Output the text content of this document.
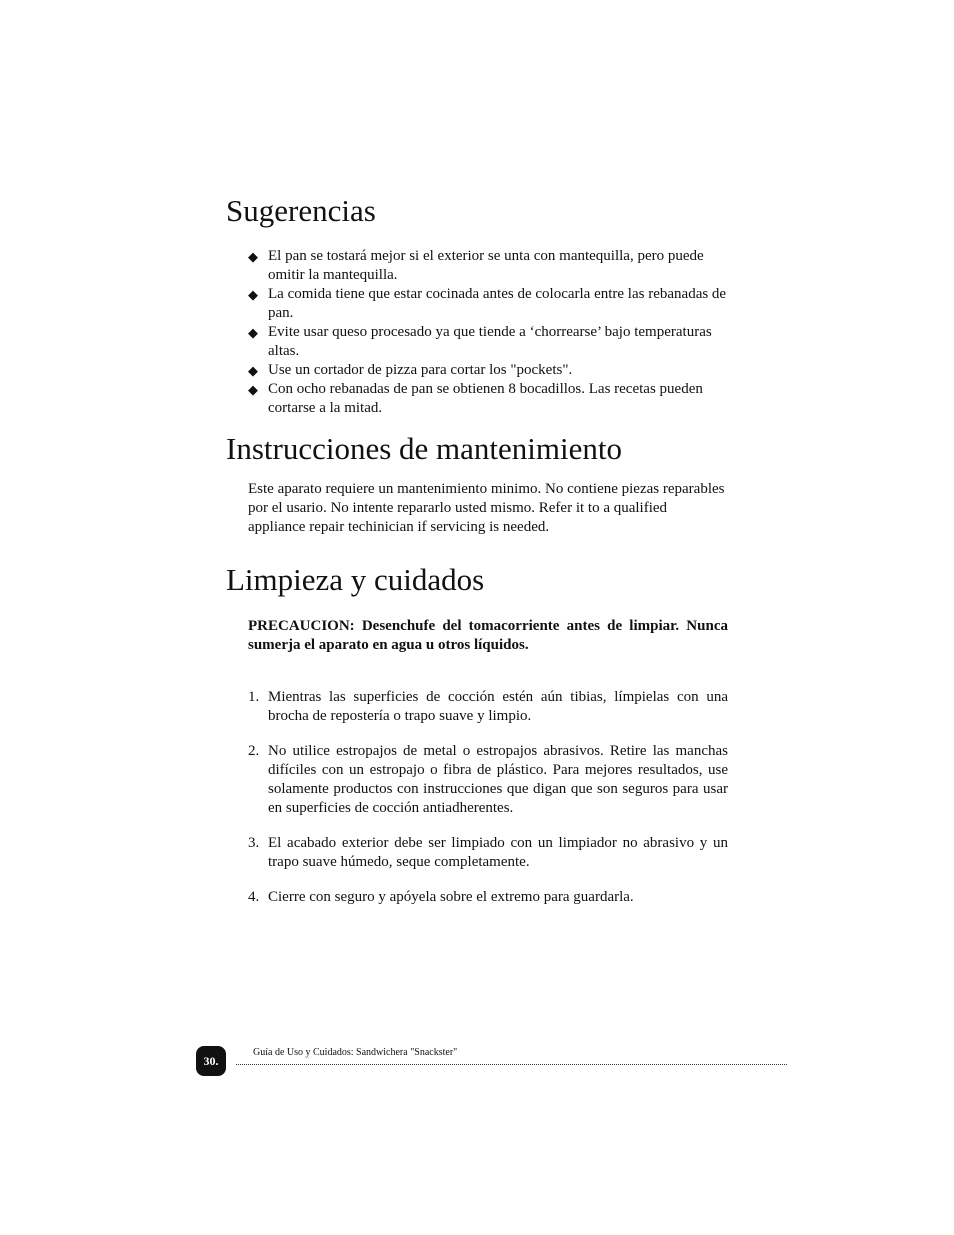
Sugerencias
◆ El pan se tostará mejor si el exterior se unta con mantequilla, pero puede omitir la mantequilla.
◆ La comida tiene que estar cocinada antes de colocarla entre las rebanadas de pan.
◆ Evite usar queso procesado ya que tiende a ‘chorrearse’ bajo temperaturas altas.
◆ Use un cortador de pizza para cortar los "pockets".
◆ Con ocho rebanadas de pan se obtienen 8 bocadillos. Las recetas pueden cortarse a la mitad.
Instrucciones de mantenimiento

Este aparato requiere un mantenimiento minimo. No contiene piezas reparables por el usario. No intente repararlo usted mismo. Refer it to a qualified appliance repair techinician if servicing is needed.

Limpieza y cuidados

PRECAUCION: Desenchufe del tomacorriente antes de limpiar. Nunca sumerja el aparato en agua u otros líquidos.

1. Mientras las superficies de cocción estén aún tibias, límpielas con una brocha de repostería o trapo suave y limpio.
2. No utilice estropajos de metal o estropajos abrasivos. Retire las manchas difíciles con un estropajo o fibra de plástico. Para mejores resultados, use solamente productos con instrucciones que digan que son seguros para usar en superficies de cocción antiadherentes.
3. El acabado exterior debe ser limpiado con un limpiador no abrasivo y un trapo suave húmedo, seque completamente.
4. Cierre con seguro y apóyela sobre el extremo para guardarla.
30.
Guía de Uso y Cuidados: Sandwichera "Snackster"
